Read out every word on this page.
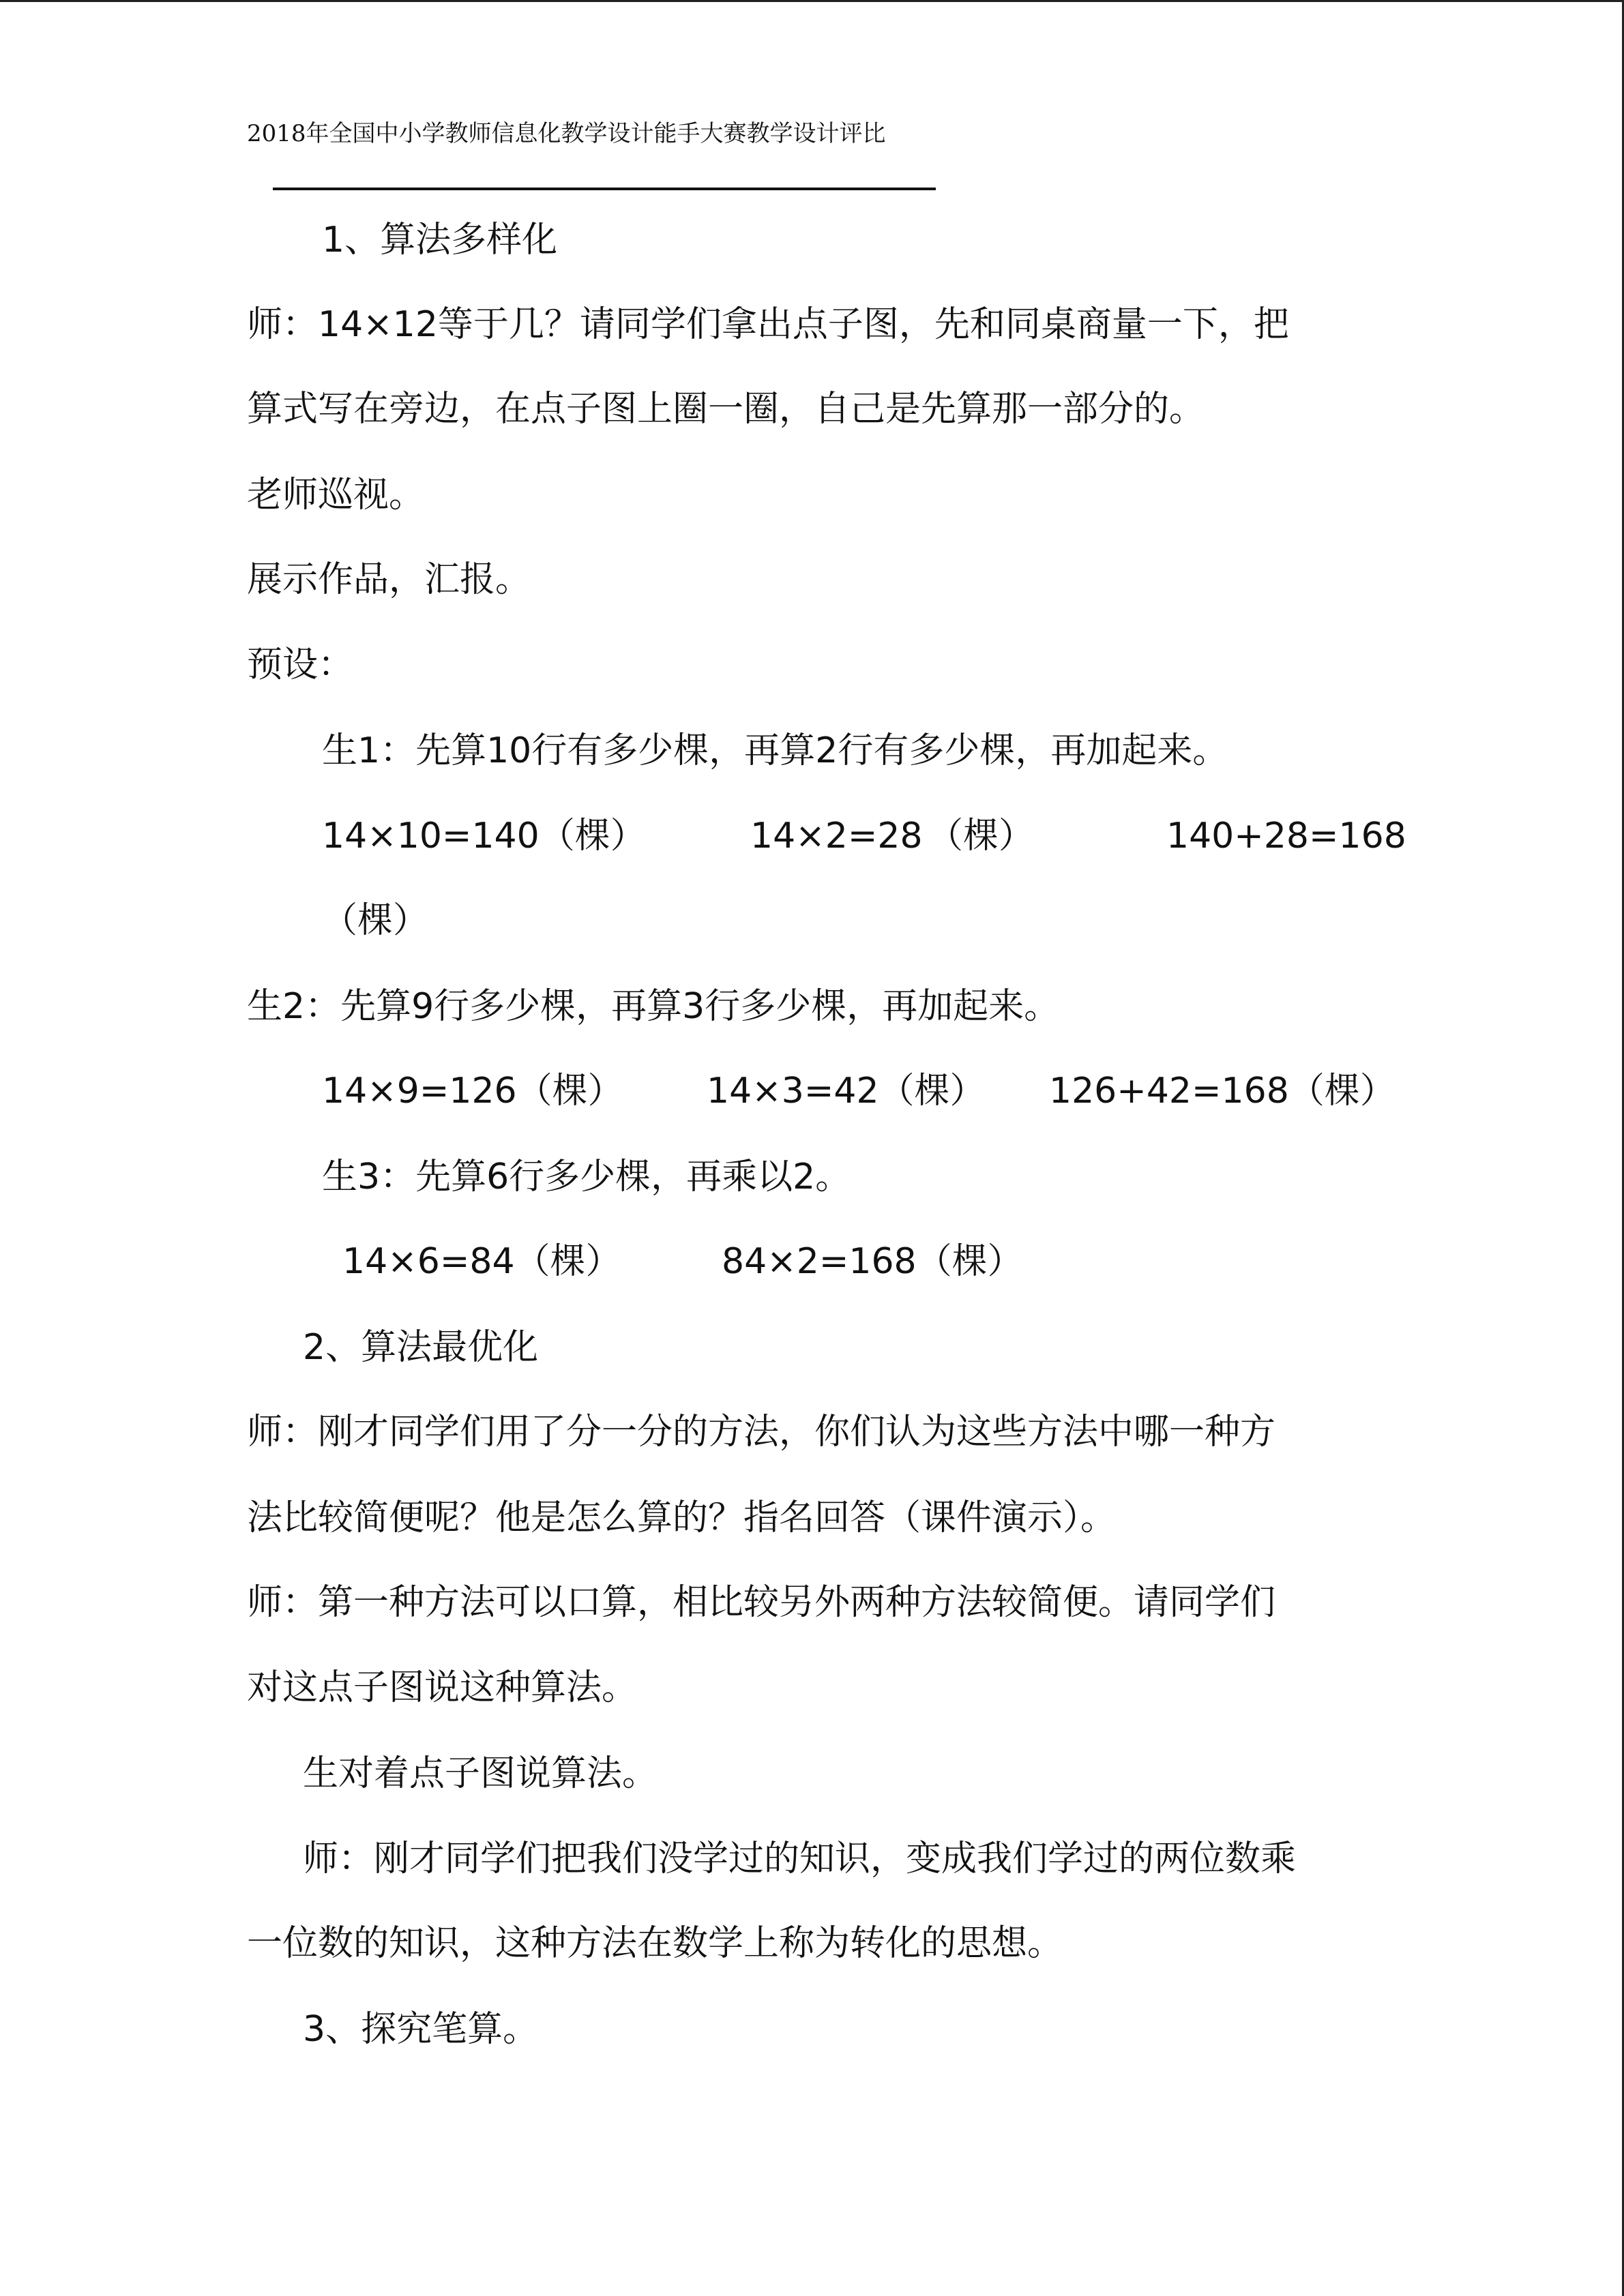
2018年全国中小学教师信息化教学设计能手大赛教学设计评比
1、算法多样化
师：14×12等于几？请同学们拿出点子图，先和同桌商量一下，把
算式写在旁边，在点子图上圈一圈，自己是先算那一部分的。
老师巡视。
展示作品，汇报。
预设：
生1：先算10行有多少棵，再算2行有多少棵，再加起来。
14×10=140（棵）	14×2=28 （棵）	140+28=168
（棵）
生2：先算9行多少棵，再算3行多少棵，再加起来。
14×9=126（棵） 14×3=42（棵） 126+42=168（棵）
生3：先算6行多少棵，再乘以2。
14×6=84（棵）	84×2=168（棵）
2、算法最优化
师：刚才同学们用了分一分的方法，你们认为这些方法中哪一种方
法比较简便呢？他是怎么算的？指名回答（课件演示）。
师：第一种方法可以口算，相比较另外两种方法较简便。请同学们
对这点子图说这种算法。
生对着点子图说算法。
师：刚才同学们把我们没学过的知识，变成我们学过的两位数乘
一位数的知识，这种方法在数学上称为转化的思想。
3、探究笔算。
